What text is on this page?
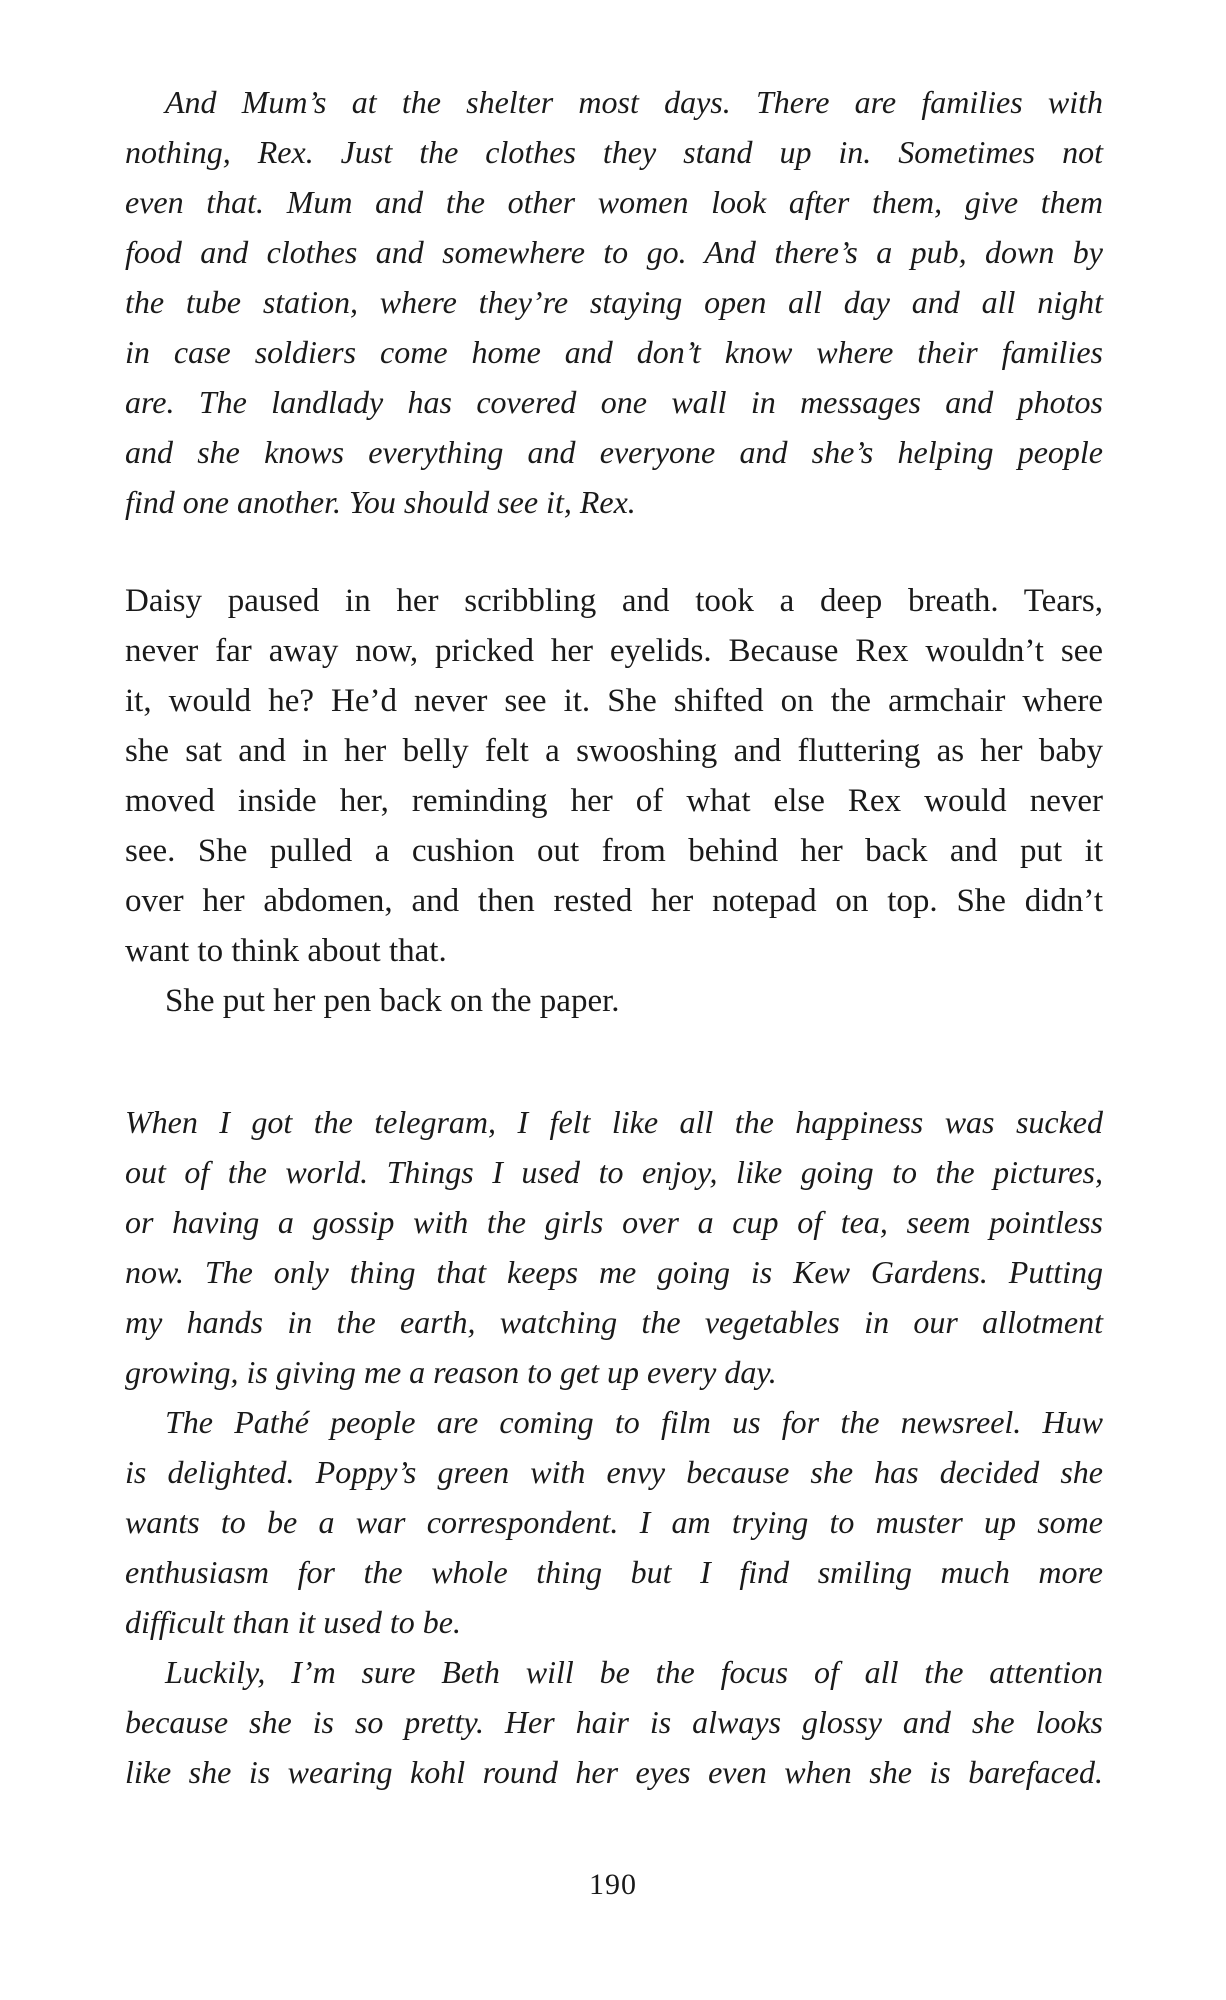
And Mum’s at the shelter most days. There are families with
nothing, Rex. Just the clothes they stand up in. Sometimes not
even that. Mum and the other women look after them, give them
food and clothes and somewhere to go. And there’s a pub, down by
the tube station, where they’re staying open all day and all night
in case soldiers come home and don’t know where their families
are. The landlady has covered one wall in messages and photos
and she knows everything and everyone and she’s helping people
find one another. You should see it, Rex.
Daisy paused in her scribbling and took a deep breath. Tears,
never far away now, pricked her eyelids. Because Rex wouldn’t see
it, would he? He’d never see it. She shifted on the armchair where
she sat and in her belly felt a swooshing and fluttering as her baby
moved inside her, reminding her of what else Rex would never
see. She pulled a cushion out from behind her back and put it
over her abdomen, and then rested her notepad on top. She didn’t
want to think about that.
She put her pen back on the paper.
When I got the telegram, I felt like all the happiness was sucked
out of the world. Things I used to enjoy, like going to the pictures,
or having a gossip with the girls over a cup of tea, seem pointless
now. The only thing that keeps me going is Kew Gardens. Putting
my hands in the earth, watching the vegetables in our allotment
growing, is giving me a reason to get up every day.
The Pathé people are coming to film us for the newsreel. Huw
is delighted. Poppy’s green with envy because she has decided she
wants to be a war correspondent. I am trying to muster up some
enthusiasm for the whole thing but I find smiling much more
difficult than it used to be.
Luckily, I’m sure Beth will be the focus of all the attention
because she is so pretty. Her hair is always glossy and she looks
like she is wearing kohl round her eyes even when she is barefaced.
190
